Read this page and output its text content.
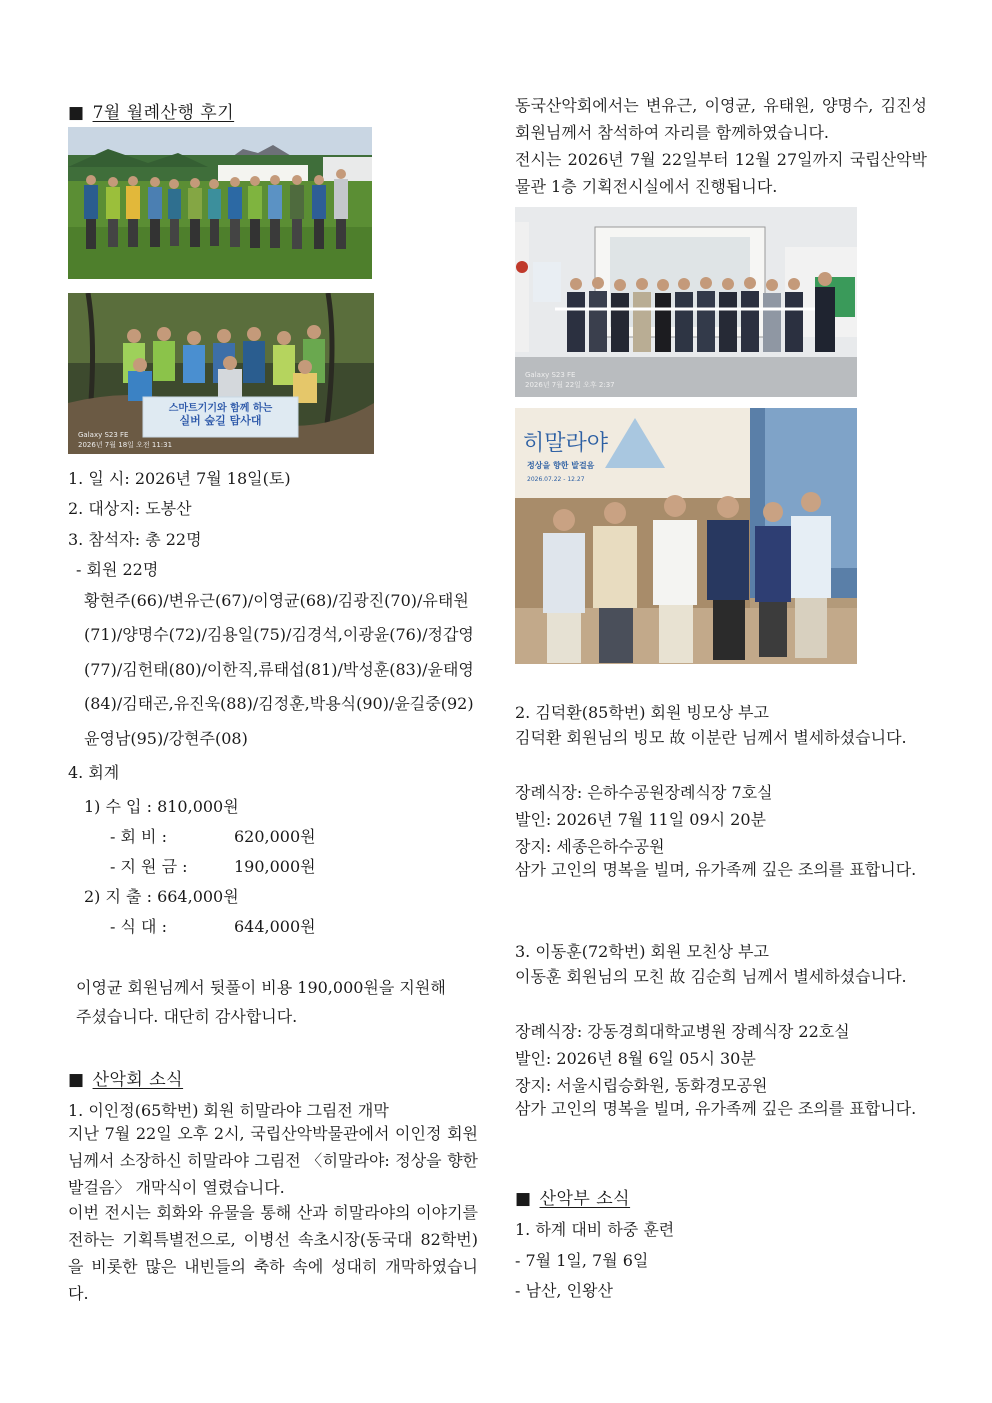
■ 7월 월례산행 후기
스마트기기와 함께 하는
실버 숲길 탐사대
Galaxy S23 FE
2026년 7월 18일 오전 11:31
1. 일 시: 2026년 7월 18일(토)
2. 대상지: 도봉산
3. 참석자: 총 22명
- 회원 22명
황현주(66)/변유근(67)/이영균(68)/김광진(70)/유태원
(71)/양명수(72)/김용일(75)/김경석,이광윤(76)/정갑영
(77)/김헌태(80)/이한직,류태섭(81)/박성훈(83)/윤태영
(84)/김태곤,유진욱(88)/김정훈,박용식(90)/윤길중(92)
윤영남(95)/강현주(08)
4. 회계
1) 수 입 : 810,000원
- 회 비 :	620,000원
- 지 원 금 :	190,000원
2) 지 출 : 664,000원
- 식 대 :	644,000원
이영균 회원님께서 뒷풀이 비용 190,000원을 지원해
주셨습니다. 대단히 감사합니다.
■ 산악회 소식
1. 이인정(65학번) 회원 히말라야 그림전 개막
지난 7월 22일 오후 2시, 국립산악박물관에서 이인정 회원님께서 소장하신 히말라야 그림전 〈히말라야: 정상을 향한 발걸음〉 개막식이 열렸습니다.
이번 전시는 회화와 유물을 통해 산과 히말라야의 이야기를 전하는 기획특별전으로, 이병선 속초시장(동국대 82학번)을 비롯한 많은 내빈들의 축하 속에 성대히 개막하였습니다.
동국산악회에서는 변유근, 이영균, 유태원, 양명수, 김진성 회원님께서 참석하여 자리를 함께하였습니다.
전시는 2026년 7월 22일부터 12월 27일까지 국립산악박물관 1층 기획전시실에서 진행됩니다.
Galaxy S23 FE
2026년 7월 22일 오후 2:37
히말라야
정상을 향한 발걸음
2026.07.22 - 12.27
2. 김덕환(85학번) 회원 빙모상 부고
김덕환 회원님의 빙모 故 이분란 님께서 별세하셨습니다.
장례식장: 은하수공원장례식장 7호실
발인: 2026년 7월 11일 09시 20분
장지: 세종은하수공원
삼가 고인의 명복을 빌며, 유가족께 깊은 조의를 표합니다.
3. 이동훈(72학번) 회원 모친상 부고
이동훈 회원님의 모친 故 김순희 님께서 별세하셨습니다.
장례식장: 강동경희대학교병원 장례식장 22호실
발인: 2026년 8월 6일 05시 30분
장지: 서울시립승화원, 동화경모공원
삼가 고인의 명복을 빌며, 유가족께 깊은 조의를 표합니다.
■ 산악부 소식
1. 하계 대비 하중 훈련
- 7월 1일, 7월 6일
- 남산, 인왕산
